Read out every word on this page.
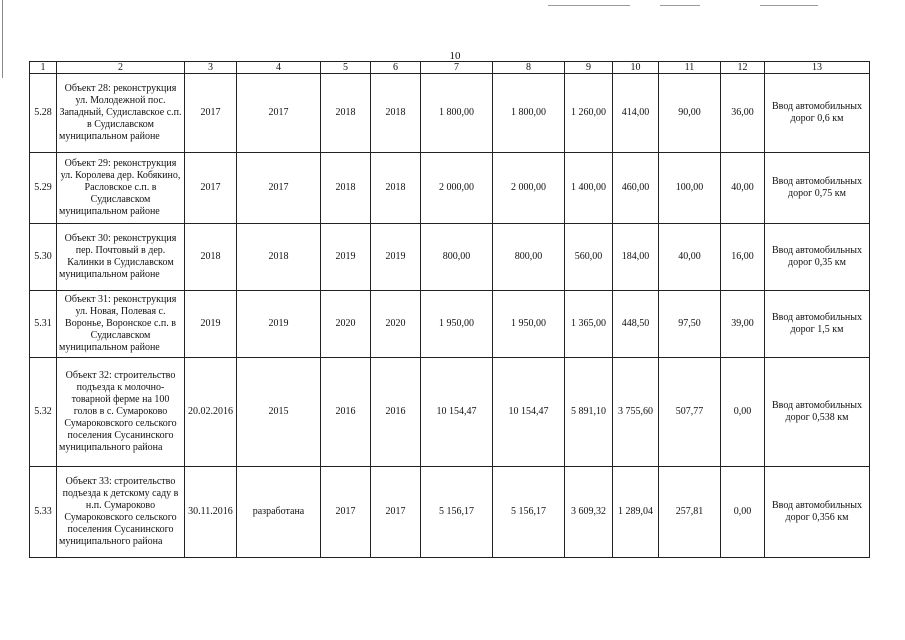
10
1	2	3	4	5	6	7	8	9	10	11	12	13
5.28	Объект 28: реконструкция ул. Молодежной пос. Западный, Судиславское с.п. в Судиславском муниципальном районе	2017	2017	2018	2018	1 800,00	1 800,00	1 260,00	414,00	90,00	36,00	Ввод автомобильных дорог 0,6 км
5.29	Объект 29: реконструкция ул. Королева дер. Кобякино, Расловское с.п. в Судиславском муниципальном районе	2017	2017	2018	2018	2 000,00	2 000,00	1 400,00	460,00	100,00	40,00	Ввод автомобильных дорог 0,75 км
5.30	Объект 30: реконструкция пер. Почтовый в дер. Калинки в Судиславском муниципальном районе	2018	2018	2019	2019	800,00	800,00	560,00	184,00	40,00	16,00	Ввод автомобильных дорог 0,35 км
5.31	Объект 31: реконструкция ул. Новая, Полевая с. Воронье, Воронское с.п. в Судиславском муниципальном районе	2019	2019	2020	2020	1 950,00	1 950,00	1 365,00	448,50	97,50	39,00	Ввод автомобильных дорог 1,5 км
5.32	Объект 32: строительство подъезда к молочно-товарной ферме на 100 голов в с. Сумароково Сумароковского сельского поселения Сусанинского муниципального района	20.02.2016	2015	2016	2016	10 154,47	10 154,47	5 891,10	3 755,60	507,77	0,00	Ввод автомобильных дорог 0,538 км
5.33	Объект 33: строительство подъезда к детскому саду в н.п. Сумароково Сумароковского сельского поселения Сусанинского муниципального района	30.11.2016	разработана	2017	2017	5 156,17	5 156,17	3 609,32	1 289,04	257,81	0,00	Ввод автомобильных дорог 0,356 км
